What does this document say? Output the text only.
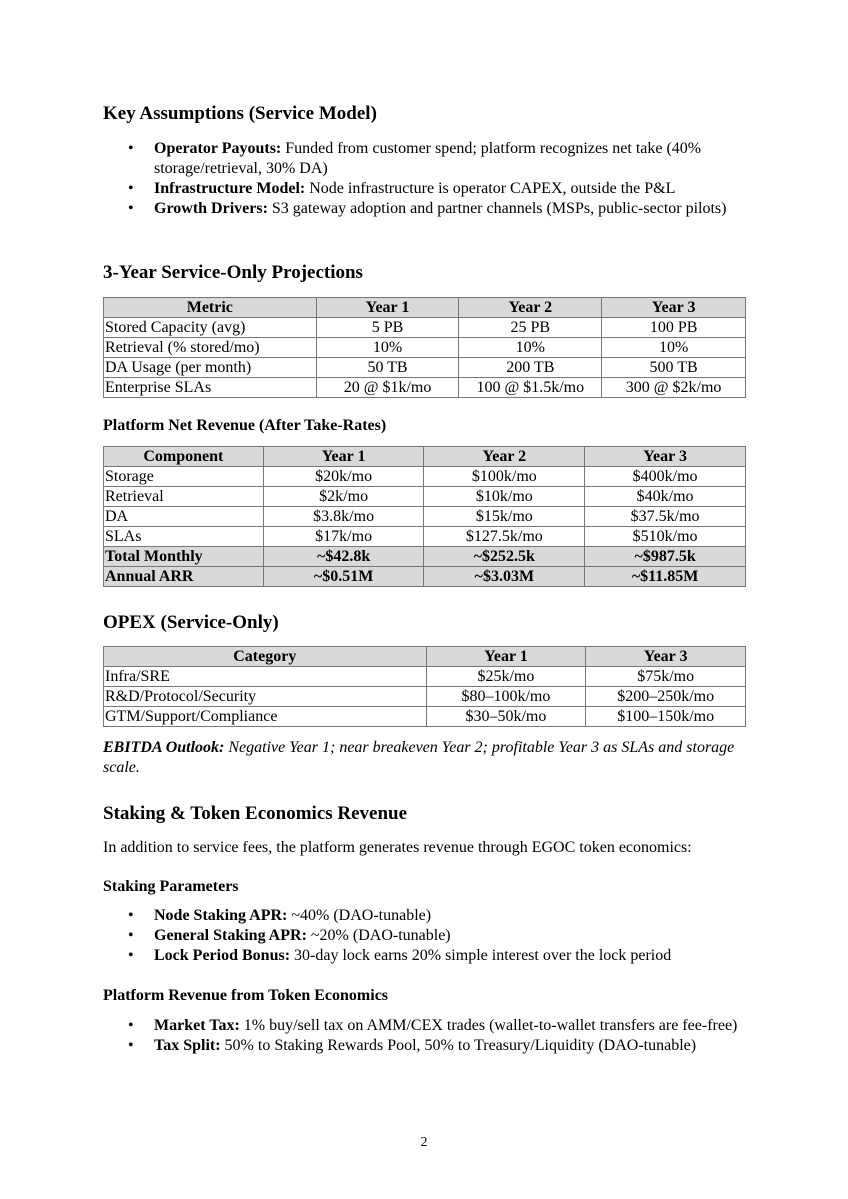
Key Assumptions (Service Model)
• Operator Payouts: Funded from customer spend; platform recognizes net take (40% storage/retrieval, 30% DA)
• Infrastructure Model: Node infrastructure is operator CAPEX, outside the P&L
• Growth Drivers: S3 gateway adoption and partner channels (MSPs, public-sector pilots)
3-Year Service-Only Projections
Metric	Year 1	Year 2	Year 3
Stored Capacity (avg)	5 PB	25 PB	100 PB
Retrieval (% stored/mo)	10%	10%	10%
DA Usage (per month)	50 TB	200 TB	500 TB
Enterprise SLAs	20 @ $1k/mo	100 @ $1.5k/mo	300 @ $2k/mo
Platform Net Revenue (After Take-Rates)
Component	Year 1	Year 2	Year 3
Storage	$20k/mo	$100k/mo	$400k/mo
Retrieval	$2k/mo	$10k/mo	$40k/mo
DA	$3.8k/mo	$15k/mo	$37.5k/mo
SLAs	$17k/mo	$127.5k/mo	$510k/mo
Total Monthly	~$42.8k	~$252.5k	~$987.5k
Annual ARR	~$0.51M	~$3.03M	~$11.85M
OPEX (Service-Only)
Category	Year 1	Year 3
Infra/SRE	$25k/mo	$75k/mo
R&D/Protocol/Security	$80–100k/mo	$200–250k/mo
GTM/Support/Compliance	$30–50k/mo	$100–150k/mo

EBITDA Outlook: Negative Year 1; near breakeven Year 2; profitable Year 3 as SLAs and storage scale.

Staking & Token Economics Revenue

In addition to service fees, the platform generates revenue through EGOC token economics:

Staking Parameters
• Node Staking APR: ~40% (DAO-tunable)
• General Staking APR: ~20% (DAO-tunable)
• Lock Period Bonus: 30-day lock earns 20% simple interest over the lock period
Platform Revenue from Token Economics
• Market Tax: 1% buy/sell tax on AMM/CEX trades (wallet-to-wallet transfers are fee-free)
• Tax Split: 50% to Staking Rewards Pool, 50% to Treasury/Liquidity (DAO-tunable)
2
